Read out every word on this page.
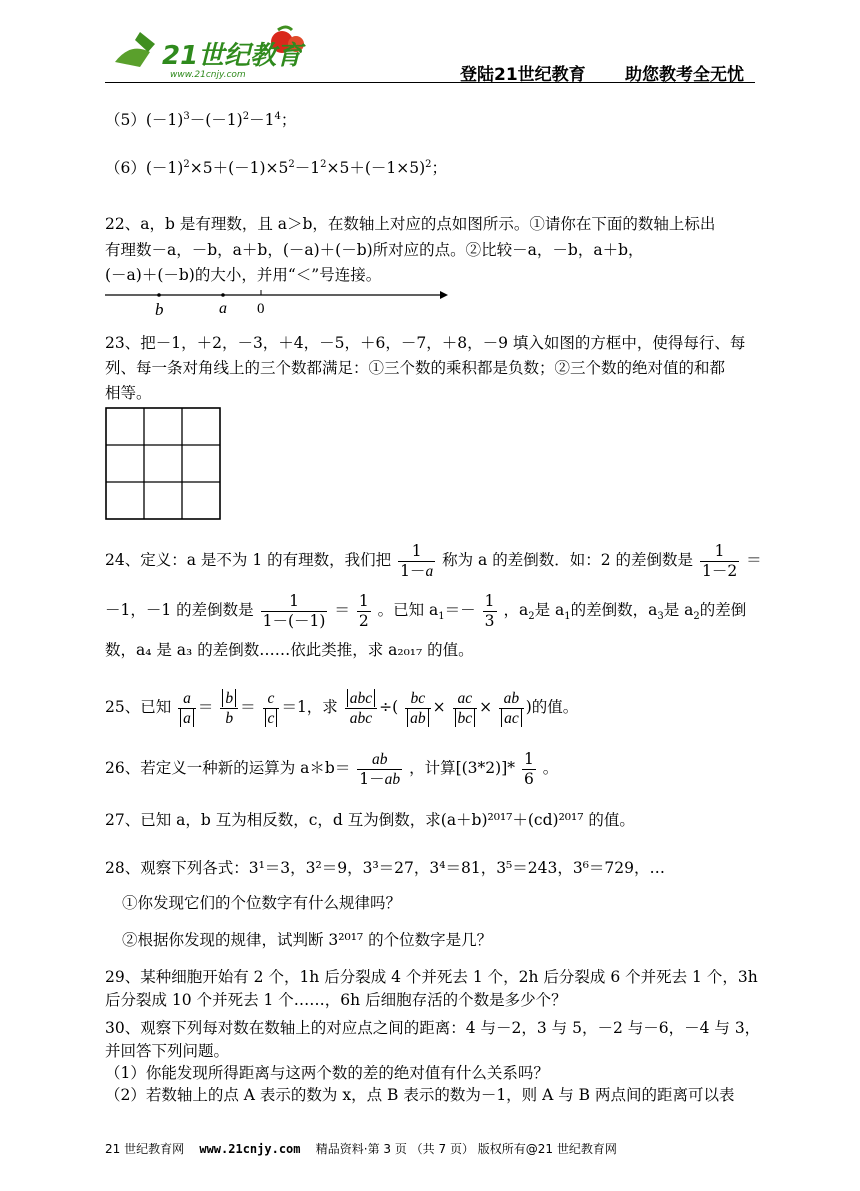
21世纪教育
www.21cnjy.com	登陆21世纪教育 助您教考全无忧
$(5)(-1)^3-(-1)^2-1^4$；
$(6)(-1)^2\times 5+(-1)\times 5^2-1^2\times 5+(-1\times 5)^2$；
22、a，b 是有理数，且 a＞b，在数轴上对应的点如图所示。①请你在下面的数轴上标出
有理数－a，－b，a＋b，(－a)＋(－b)所对应的点。②比较－a，－b，a＋b，
(－a)＋(－b)的大小，并用“＜”号连接。
b	a 0
23、把－1，＋2，－3，＋4，－5，＋6，－7，＋8，－9 填入如图的方框中，使得每行、每
列、每一条对角线上的三个数都满足：①三个数的乘积都是负数；②三个数的绝对值的和都
相等。
24、定义：a 是不为 1 的有理数，我们把 $\frac{1}{1-a}$ 称为 a 的差倒数．如：2 的差倒数是 $\frac{1}{1-2}$ ＝
－1，－1 的差倒数是 $\frac{1}{1-(-1)} = \frac{1}{2}$ 。已知 $a_1=- \frac{1}{3}$ ，$a_2$是 $a_1$的差倒数，$a_3$是 $a_2$的差倒
数，a₄ 是 a₃ 的差倒数……依此类推，求 a₂₀₁₇ 的值。
25、已知 $\frac{a}{a} = \frac{b}{b} = \frac{c}{c} =1$，求 $\frac{\text{abc}}{\text{abc}}$ ÷( $\frac{bc}{ab} \times \frac{ac}{bc} \times \frac{ab}{ac}$ )的值。
26、若定义一种新的运算为 a＊b＝ $\frac{ab}{1-ab}$ ，计算$[(3*2)]* \frac{1}{6}$ 。
27、已知 a，b 互为相反数，c，d 互为倒数，求(a＋b)²⁰¹⁷＋(cd)²⁰¹⁷ 的值。
28、观察下列各式：3¹＝3，3²＝9，3³＝27，3⁴＝81，3⁵＝243，3⁶＝729，…
①你发现它们的个位数字有什么规律吗？
②根据你发现的规律，试判断 3²⁰¹⁷ 的个位数字是几？
29、某种细胞开始有 2 个，1h 后分裂成 4 个并死去 1 个，2h 后分裂成 6 个并死去 1 个，3h
后分裂成 10 个并死去 1 个……，6h 后细胞存活的个数是多少个？
30、观察下列每对数在数轴上的对应点之间的距离：4 与－2，3 与 5，－2 与－6，－4 与 3，
并回答下列问题。
（1）你能发现所得距离与这两个数的差的绝对值有什么关系吗？
（2）若数轴上的点 A 表示的数为 x，点 B 表示的数为－1，则 A 与 B 两点间的距离可以表
21 世纪教育网 www.21cnjy.com 精品资料·第 3 页 （共 7 页） 版权所有@21 世纪教育网
